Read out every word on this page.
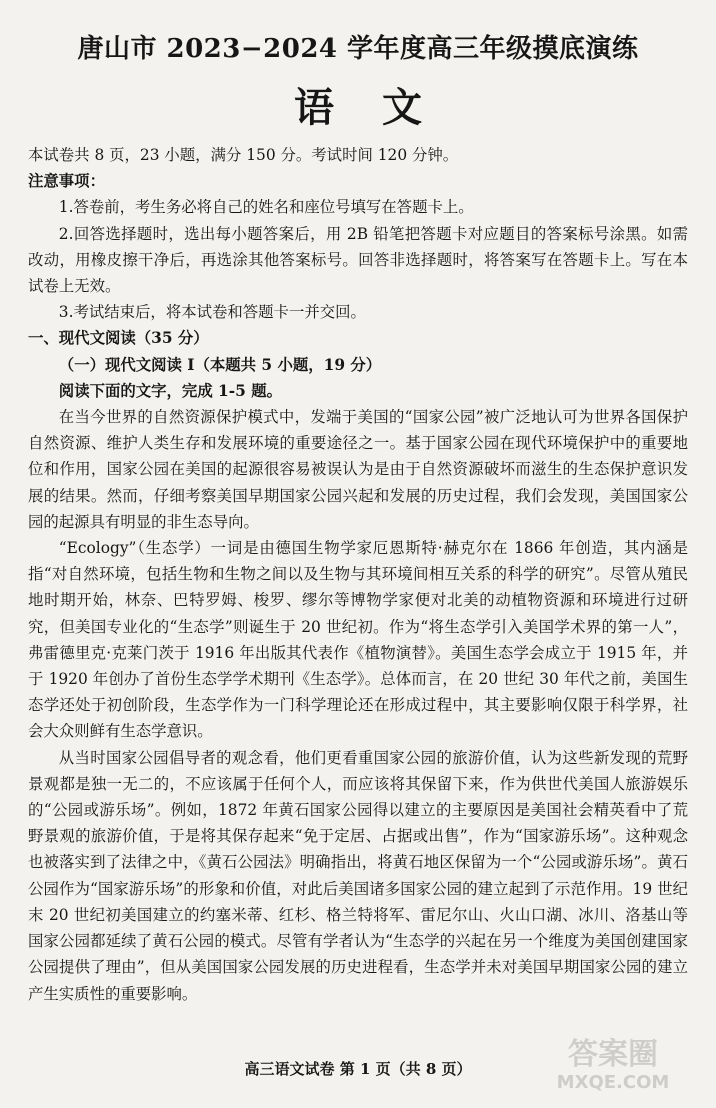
唐山市 2023−2024 学年度高三年级摸底演练
语文

本试卷共 8 页，23 小题，满分 150 分。考试时间 120 分钟。

注意事项：

1.答卷前，考生务必将自己的姓名和座位号填写在答题卡上。

2.回答选择题时，选出每小题答案后，用 2B 铅笔把答题卡对应题目的答案标号涂黑。如需改动，用橡皮擦干净后，再选涂其他答案标号。回答非选择题时，将答案写在答题卡上。写在本试卷上无效。

3.考试结束后，将本试卷和答题卡一并交回。

一、现代文阅读（35 分）

（一）现代文阅读 Ⅰ（本题共 5 小题，19 分）

阅读下面的文字，完成 1-5 题。

在当今世界的自然资源保护模式中，发端于美国的“国家公园”被广泛地认可为世界各国保护自然资源、维护人类生存和发展环境的重要途径之一。基于国家公园在现代环境保护中的重要地位和作用，国家公园在美国的起源很容易被误认为是由于自然资源破坏而滋生的生态保护意识发展的结果。然而，仔细考察美国早期国家公园兴起和发展的历史过程，我们会发现，美国国家公园的起源具有明显的非生态导向。

“Ecology”（生态学）一词是由德国生物学家厄恩斯特·赫克尔在 1866 年创造，其内涵是指“对自然环境，包括生物和生物之间以及生物与其环境间相互关系的科学的研究”。尽管从殖民地时期开始，林奈、巴特罗姆、梭罗、缪尔等博物学家便对北美的动植物资源和环境进行过研究，但美国专业化的“生态学”则诞生于 20 世纪初。作为“将生态学引入美国学术界的第一人”，弗雷德里克·克莱门茨于 1916 年出版其代表作《植物演替》。美国生态学会成立于 1915 年，并于 1920 年创办了首份生态学学术期刊《生态学》。总体而言，在 20 世纪 30 年代之前，美国生态学还处于初创阶段，生态学作为一门科学理论还在形成过程中，其主要影响仅限于科学界，社会大众则鲜有生态学意识。

从当时国家公园倡导者的观念看，他们更看重国家公园的旅游价值，认为这些新发现的荒野景观都是独一无二的，不应该属于任何个人，而应该将其保留下来，作为供世代美国人旅游娱乐的“公园或游乐场”。例如，1872 年黄石国家公园得以建立的主要原因是美国社会精英看中了荒野景观的旅游价值，于是将其保存起来“免于定居、占据或出售”，作为“国家游乐场”。这种观念也被落实到了法律之中，《黄石公园法》明确指出，将黄石地区保留为一个“公园或游乐场”。黄石公园作为“国家游乐场”的形象和价值，对此后美国诸多国家公园的建立起到了示范作用。19 世纪末 20 世纪初美国建立的约塞米蒂、红杉、格兰特将军、雷尼尔山、火山口湖、冰川、洛基山等国家公园都延续了黄石公园的模式。尽管有学者认为“生态学的兴起在另一个维度为美国创建国家公园提供了理由”，但从美国国家公园发展的历史进程看，生态学并未对美国早期国家公园的建立产生实质性的重要影响。

高三语文试卷 第 1 页（共 8 页）	答案圈
MXQE.COM
